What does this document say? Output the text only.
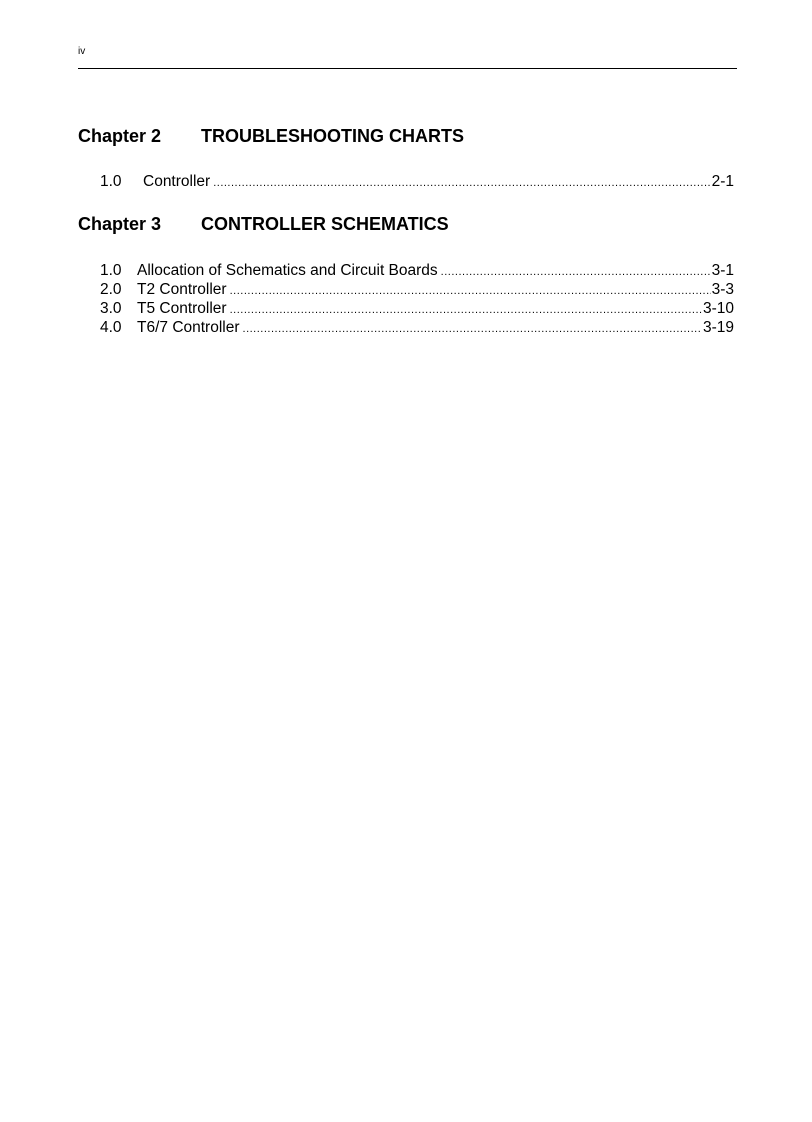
iv
Chapter 2 TROUBLESHOOTING CHARTS
1.0	Controller .....	2-1
Chapter 3 CONTROLLER SCHEMATICS
1.0 Allocation of Schematics and Circuit Boards .....	3-1
2.0 T2 Controller .....	3-3
3.0 T5 Controller .....	3-10
4.0 T6/7 Controller .....	3-19
